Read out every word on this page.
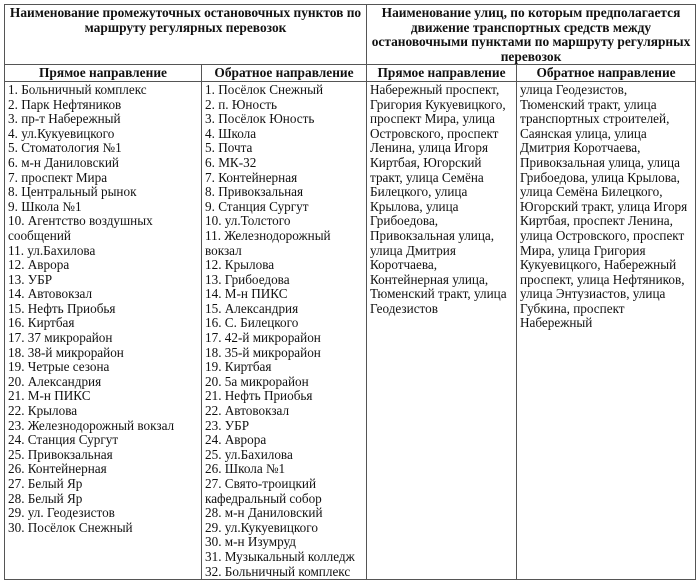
Наименование промежуточных остановочных пунктов по маршруту регулярных перевозок		Наименование улиц, по которым предполагается движение транспортных средств между остановочными пунктами по маршруту регулярных перевозок	
Прямое направление	Обратное направление	Прямое направление	Обратное направление

1. Больничный комплекс
2. Парк Нефтяников
3. пр-т Набережный
4. ул.Кукуевицкого
5. Стоматология №1
6. м-н Даниловский
7. проспект Мира
8. Центральный рынок
9. Школа №1
10. Агентство воздушных сообщений
11. ул.Бахилова
12. Аврора
13. УБР
14. Автовокзал
15. Нефть Приобья
16. Киртбая
17. 37 микрорайон
18. 38-й микрорайон
19. Четрые сезона
20. Александрия
21. М-н ПИКС
22. Крылова
23. Железнодорожный вокзал
24. Станция Сургут
25. Привокзальная
26. Контейнерная
27. Белый Яр
28. Белый Яр
29. ул. Геодезистов
30. Посёлок Снежный

1. Посёлок Снежный
2. п. Юность
3. Посёлок Юность
4. Школа
5. Почта
6. МК-32
7. Контейнерная
8. Привокзальная
9. Станция Сургут
10. ул.Толстого
11. Железнодорожный вокзал
12. Крылова
13. Грибоедова
14. М-н ПИКС
15. Александрия
16. С. Билецкого
17. 42-й микрорайон
18. 35-й микрорайон
19. Киртбая
20. 5а микрорайон
21. Нефть Приобья
22. Автовокзал
23. УБР
24. Аврора
25. ул.Бахилова
26. Школа №1
27. Свято-троицкий кафедральный собор
28. м-н Даниловский
29. ул.Кукуевицкого
30. м-н Изумруд
31. Музыкальный колледж
32. Больничный комплекс

Набережный проспект, Григория Кукуевицкого, проспект Мира, улица Островского, проспект Ленина, улица Игоря Киртбая, Югорский тракт, улица Семёна Билецкого, улица Крылова, улица Грибоедова, Привокзальная улица, улица Дмитрия Коротчаева, Контейнерная улица, Тюменский тракт, улица Геодезистов

улица Геодезистов, Тюменский тракт, улица транспортных строителей, Саянская улица, улица Дмитрия Коротчаева, Привокзальная улица, улица Грибоедова, улица Крылова, улица Семёна Билецкого, Югорский тракт, улица Игоря Киртбая, проспект Ленина, улица Островского, проспект Мира, улица Григория Кукуевицкого, Набережный проспект, улица Нефтяников, улица Энтузиастов, улица Губкина, проспект Набережный
